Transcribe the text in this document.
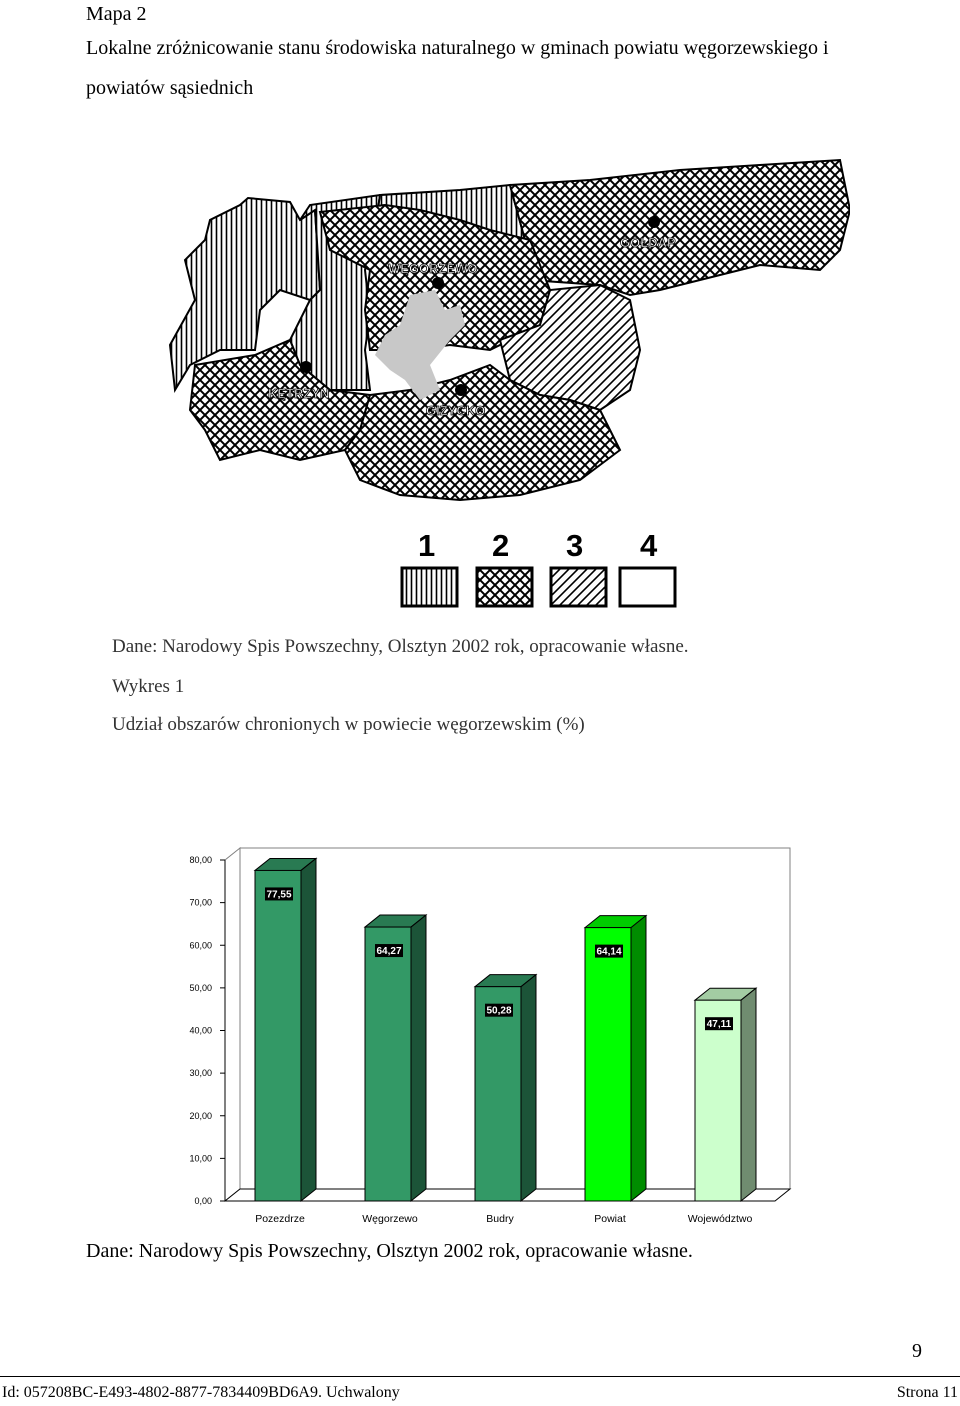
Mapa 2
Lokalne zróżnicowanie stanu środowiska naturalnego w gminach powiatu węgorzewskiego i
powiatów sąsiednich
WĘGORZEWO
GOŁDAP
KĘTRZYN
GIŻYCKO
1 2 3 4
Dane: Narodowy Spis Powszechny, Olsztyn 2002 rok, opracowanie własne.
Wykres 1
Udział obszarów chronionych w powiecie węgorzewskim (%)
0,00
10,00
20,00
30,00
40,00
50,00
60,00
70,00
80,00
77,55
Pozezdrze
64,27
Węgorzewo
50,28
Budry
64,14
Powiat
47,11
Województwo
Dane: Narodowy Spis Powszechny, Olsztyn 2002 rok, opracowanie własne.
9
Id: 057208BC-E493-4802-8877-7834409BD6A9. Uchwalony	Strona 11
